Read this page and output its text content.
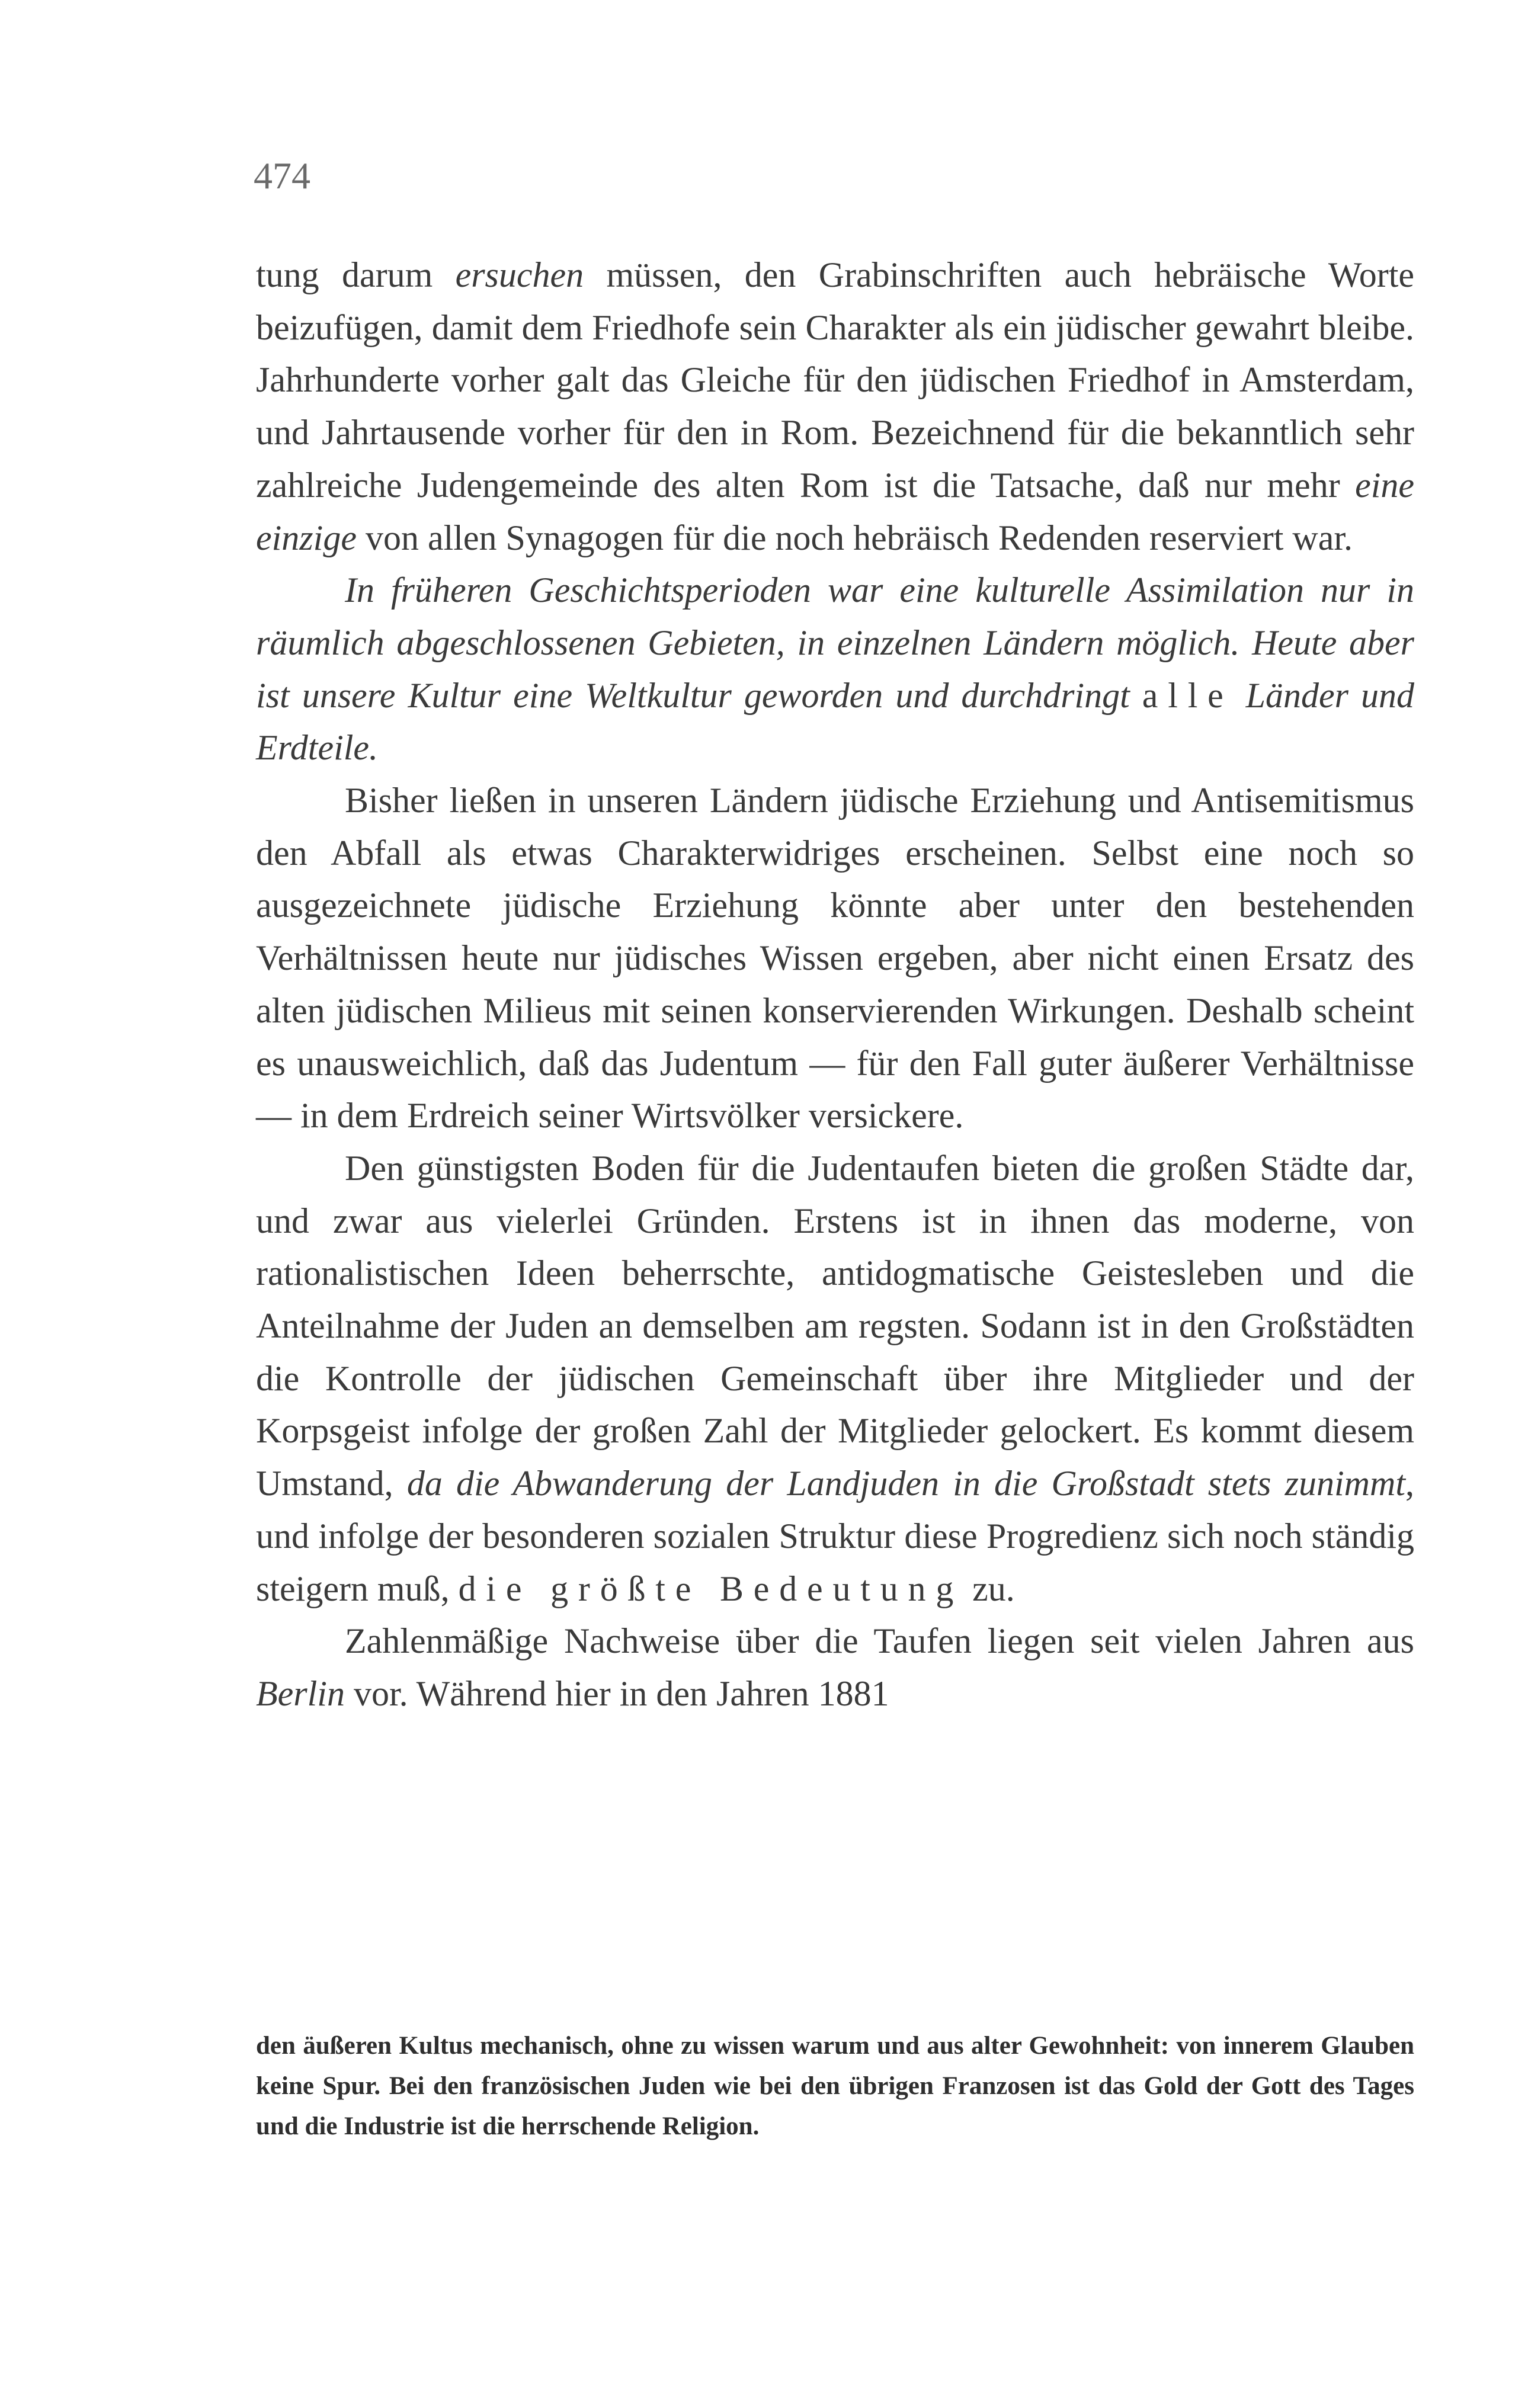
474

tung darum ersuchen müssen, den Grabinschriften auch hebräische Worte beizufügen, damit dem Friedhofe sein Charakter als ein jüdischer gewahrt bleibe. Jahrhunderte vorher galt das Gleiche für den jüdischen Friedhof in Amsterdam, und Jahrtausende vorher für den in Rom. Bezeichnend für die bekanntlich sehr zahlreiche Judengemeinde des alten Rom ist die Tatsache, daß nur mehr eine einzige von allen Synagogen für die noch hebräisch Redenden reserviert war.

In früheren Geschichtsperioden war eine kulturelle Assimilation nur in räumlich abgeschlossenen Gebieten, in einzelnen Ländern möglich. Heute aber ist unsere Kultur eine Weltkultur geworden und durchdringt alle Länder und Erdteile.

Bisher ließen in unseren Ländern jüdische Erziehung und Antisemitismus den Abfall als etwas Charakterwidriges erscheinen. Selbst eine noch so ausgezeichnete jüdische Erziehung könnte aber unter den bestehenden Verhältnissen heute nur jüdisches Wissen ergeben, aber nicht einen Ersatz des alten jüdischen Milieus mit seinen konservierenden Wirkungen. Deshalb scheint es unausweichlich, daß das Judentum — für den Fall guter äußerer Verhältnisse — in dem Erdreich seiner Wirtsvölker versickere.

Den günstigsten Boden für die Judentaufen bieten die großen Städte dar, und zwar aus vielerlei Gründen. Erstens ist in ihnen das moderne, von rationalistischen Ideen beherrschte, antidogmatische Geistesleben und die Anteilnahme der Juden an demselben am regsten. Sodann ist in den Großstädten die Kontrolle der jüdischen Gemeinschaft über ihre Mitglieder und der Korpsgeist infolge der großen Zahl der Mitglieder gelockert. Es kommt diesem Umstand, da die Abwanderung der Landjuden in die Großstadt stets zunimmt, und infolge der besonderen sozialen Struktur diese Progredienz sich noch ständig steigern muß, die größte Bedeutung zu.

Zahlenmäßige Nachweise über die Taufen liegen seit vielen Jahren aus Berlin vor. Während hier in den Jahren 1881

den äußeren Kultus mechanisch, ohne zu wissen warum und aus alter Gewohnheit: von innerem Glauben keine Spur. Bei den französischen Juden wie bei den übrigen Franzosen ist das Gold der Gott des Tages und die Industrie ist die herrschende Religion.
